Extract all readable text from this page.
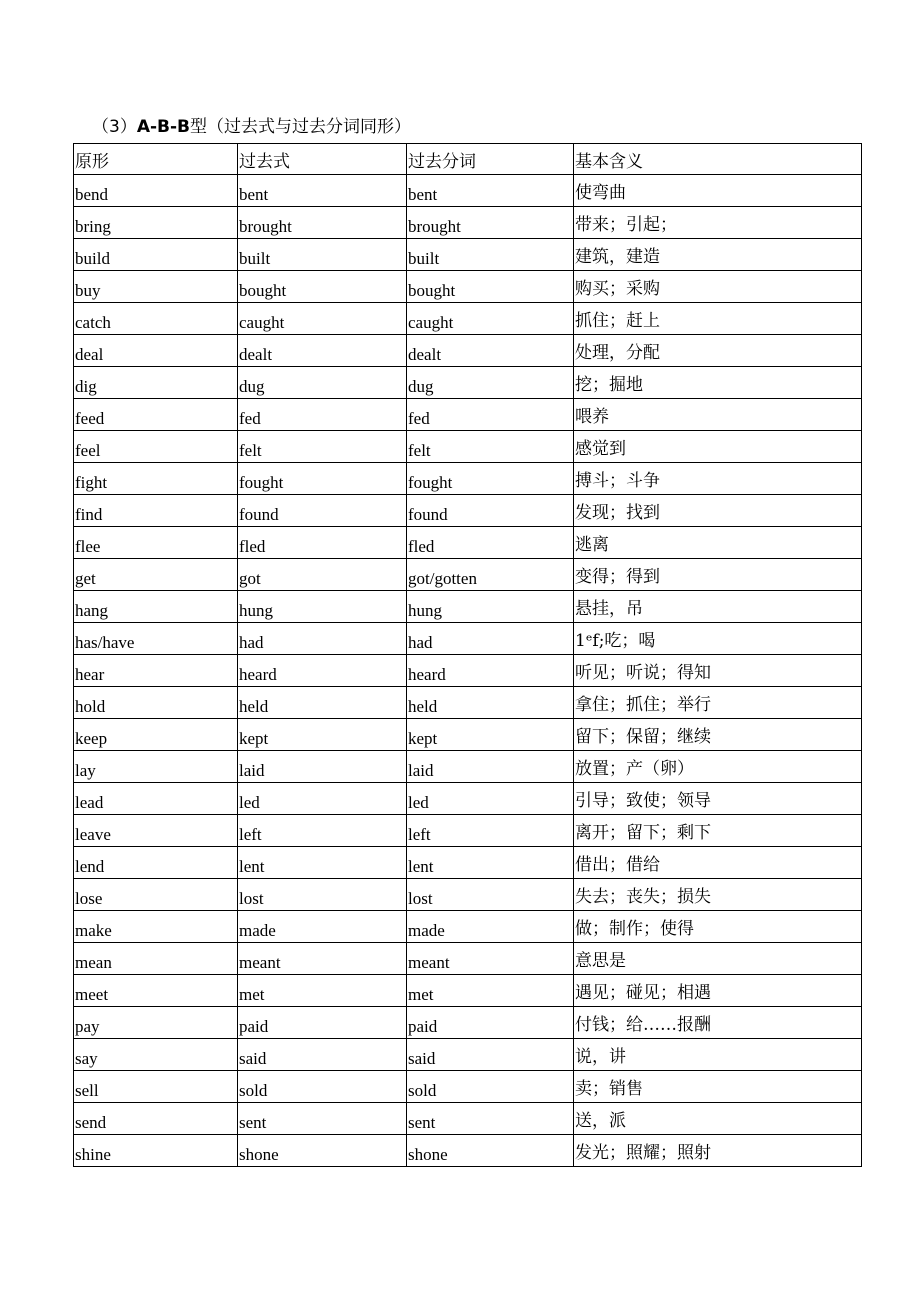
（3）A-B-B型（过去式与过去分词同形）
原形	过去式	过去分词	基本含义
bend	bent	bent	使弯曲
bring	brought	brought	带来；引起；
build	built	built	建筑，建造
buy	bought	bought	购买；采购
catch	caught	caught	抓住；赶上
deal	dealt	dealt	处理，分配
dig	dug	dug	挖；掘地
feed	fed	fed	喂养
feel	felt	felt	感觉到
fight	fought	fought	搏斗；斗争
find	found	found	发现；找到
flee	fled	fled	逃离
get	got	got/gotten	变得；得到
hang	hung	hung	悬挂，吊
has/have	had	had	1ᵉf;吃；喝
hear	heard	heard	听见；听说；得知
hold	held	held	拿住；抓住；举行
keep	kept	kept	留下；保留；继续
lay	laid	laid	放置；产（卵）
lead	led	led	引导；致使；领导
leave	left	left	离开；留下；剩下
lend	lent	lent	借出；借给
lose	lost	lost	失去；丧失；损失
make	made	made	做；制作；使得
mean	meant	meant	意思是
meet	met	met	遇见；碰见；相遇
pay	paid	paid	付钱；给……报酬
say	said	said	说，讲
sell	sold	sold	卖；销售
send	sent	sent	送，派
shine	shone	shone	发光；照耀；照射
